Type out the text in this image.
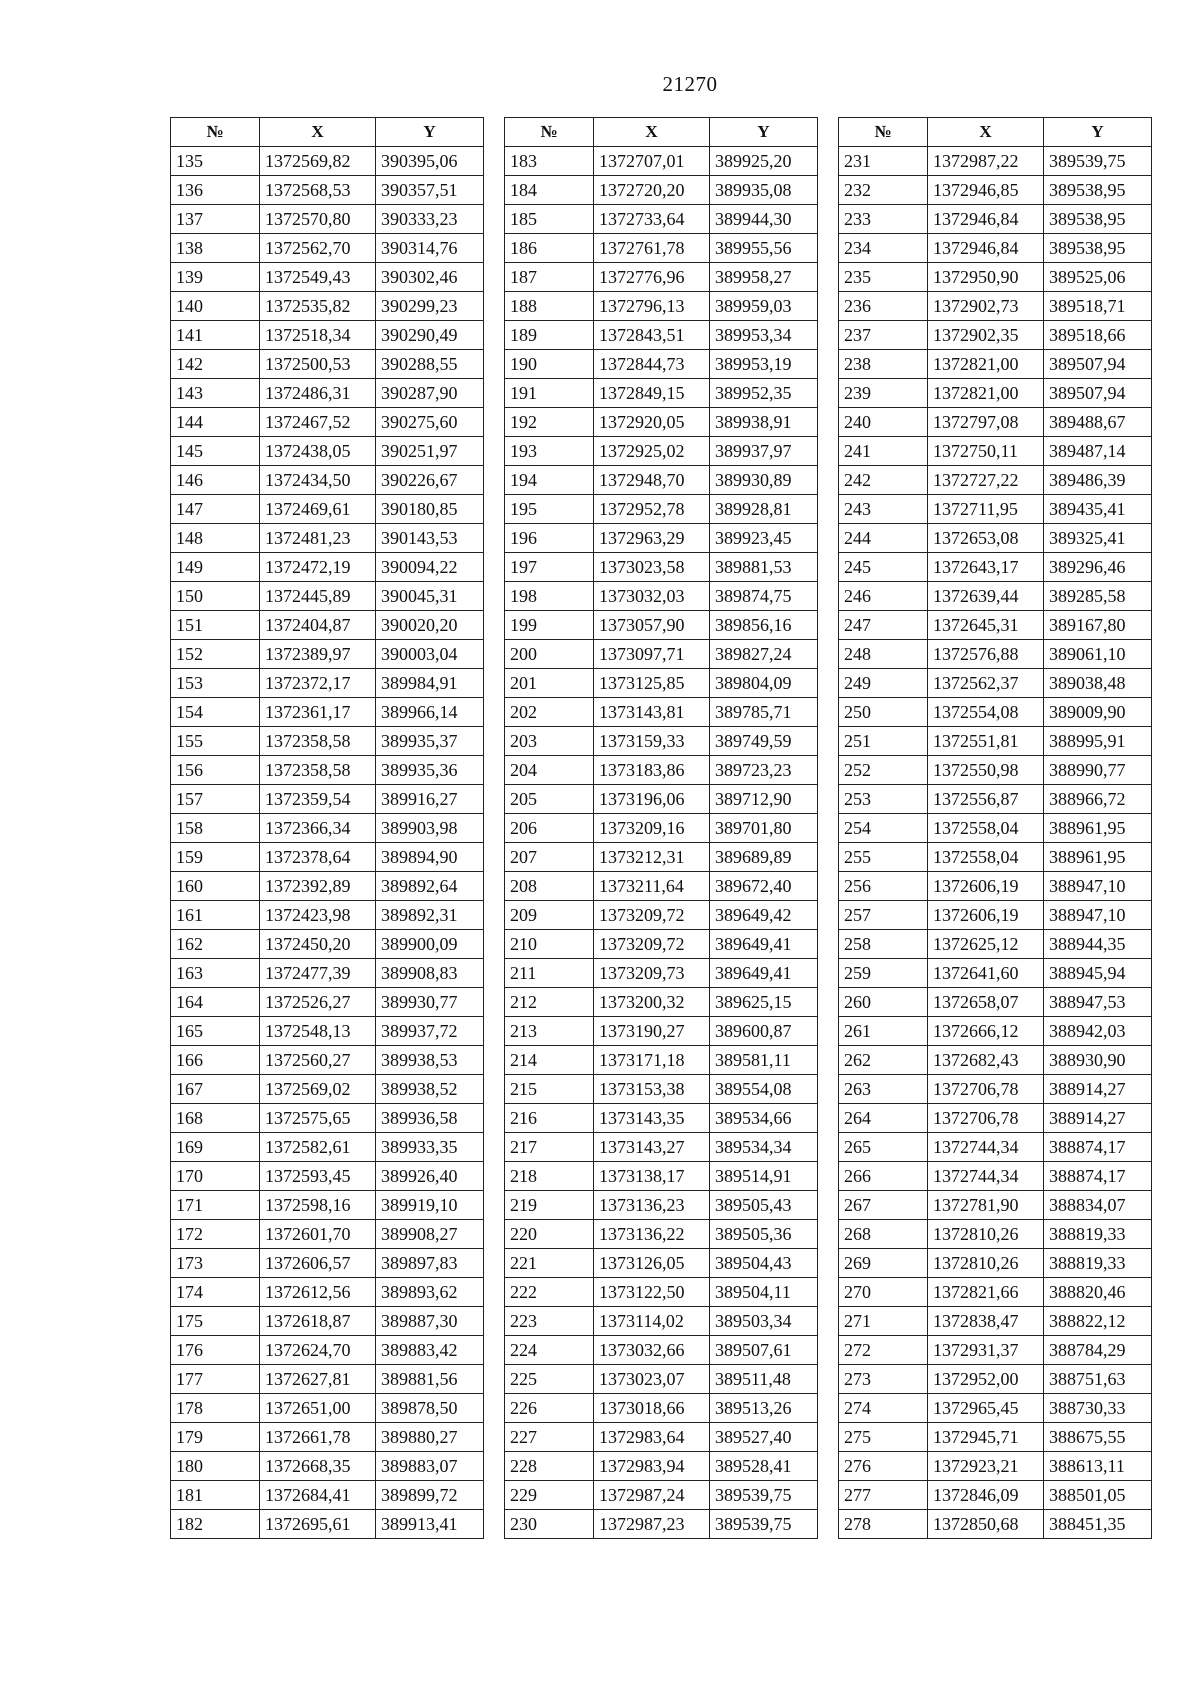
21270
№	X	Y
135	1372569,82	390395,06
136	1372568,53	390357,51
137	1372570,80	390333,23
138	1372562,70	390314,76
139	1372549,43	390302,46
140	1372535,82	390299,23
141	1372518,34	390290,49
142	1372500,53	390288,55
143	1372486,31	390287,90
144	1372467,52	390275,60
145	1372438,05	390251,97
146	1372434,50	390226,67
147	1372469,61	390180,85
148	1372481,23	390143,53
149	1372472,19	390094,22
150	1372445,89	390045,31
151	1372404,87	390020,20
152	1372389,97	390003,04
153	1372372,17	389984,91
154	1372361,17	389966,14
155	1372358,58	389935,37
156	1372358,58	389935,36
157	1372359,54	389916,27
158	1372366,34	389903,98
159	1372378,64	389894,90
160	1372392,89	389892,64
161	1372423,98	389892,31
162	1372450,20	389900,09
163	1372477,39	389908,83
164	1372526,27	389930,77
165	1372548,13	389937,72
166	1372560,27	389938,53
167	1372569,02	389938,52
168	1372575,65	389936,58
169	1372582,61	389933,35
170	1372593,45	389926,40
171	1372598,16	389919,10
172	1372601,70	389908,27
173	1372606,57	389897,83
174	1372612,56	389893,62
175	1372618,87	389887,30
176	1372624,70	389883,42
177	1372627,81	389881,56
178	1372651,00	389878,50
179	1372661,78	389880,27
180	1372668,35	389883,07
181	1372684,41	389899,72
182	1372695,61	389913,41
№	X	Y
183	1372707,01	389925,20
184	1372720,20	389935,08
185	1372733,64	389944,30
186	1372761,78	389955,56
187	1372776,96	389958,27
188	1372796,13	389959,03
189	1372843,51	389953,34
190	1372844,73	389953,19
191	1372849,15	389952,35
192	1372920,05	389938,91
193	1372925,02	389937,97
194	1372948,70	389930,89
195	1372952,78	389928,81
196	1372963,29	389923,45
197	1373023,58	389881,53
198	1373032,03	389874,75
199	1373057,90	389856,16
200	1373097,71	389827,24
201	1373125,85	389804,09
202	1373143,81	389785,71
203	1373159,33	389749,59
204	1373183,86	389723,23
205	1373196,06	389712,90
206	1373209,16	389701,80
207	1373212,31	389689,89
208	1373211,64	389672,40
209	1373209,72	389649,42
210	1373209,72	389649,41
211	1373209,73	389649,41
212	1373200,32	389625,15
213	1373190,27	389600,87
214	1373171,18	389581,11
215	1373153,38	389554,08
216	1373143,35	389534,66
217	1373143,27	389534,34
218	1373138,17	389514,91
219	1373136,23	389505,43
220	1373136,22	389505,36
221	1373126,05	389504,43
222	1373122,50	389504,11
223	1373114,02	389503,34
224	1373032,66	389507,61
225	1373023,07	389511,48
226	1373018,66	389513,26
227	1372983,64	389527,40
228	1372983,94	389528,41
229	1372987,24	389539,75
230	1372987,23	389539,75
№	X	Y
231	1372987,22	389539,75
232	1372946,85	389538,95
233	1372946,84	389538,95
234	1372946,84	389538,95
235	1372950,90	389525,06
236	1372902,73	389518,71
237	1372902,35	389518,66
238	1372821,00	389507,94
239	1372821,00	389507,94
240	1372797,08	389488,67
241	1372750,11	389487,14
242	1372727,22	389486,39
243	1372711,95	389435,41
244	1372653,08	389325,41
245	1372643,17	389296,46
246	1372639,44	389285,58
247	1372645,31	389167,80
248	1372576,88	389061,10
249	1372562,37	389038,48
250	1372554,08	389009,90
251	1372551,81	388995,91
252	1372550,98	388990,77
253	1372556,87	388966,72
254	1372558,04	388961,95
255	1372558,04	388961,95
256	1372606,19	388947,10
257	1372606,19	388947,10
258	1372625,12	388944,35
259	1372641,60	388945,94
260	1372658,07	388947,53
261	1372666,12	388942,03
262	1372682,43	388930,90
263	1372706,78	388914,27
264	1372706,78	388914,27
265	1372744,34	388874,17
266	1372744,34	388874,17
267	1372781,90	388834,07
268	1372810,26	388819,33
269	1372810,26	388819,33
270	1372821,66	388820,46
271	1372838,47	388822,12
272	1372931,37	388784,29
273	1372952,00	388751,63
274	1372965,45	388730,33
275	1372945,71	388675,55
276	1372923,21	388613,11
277	1372846,09	388501,05
278	1372850,68	388451,35
